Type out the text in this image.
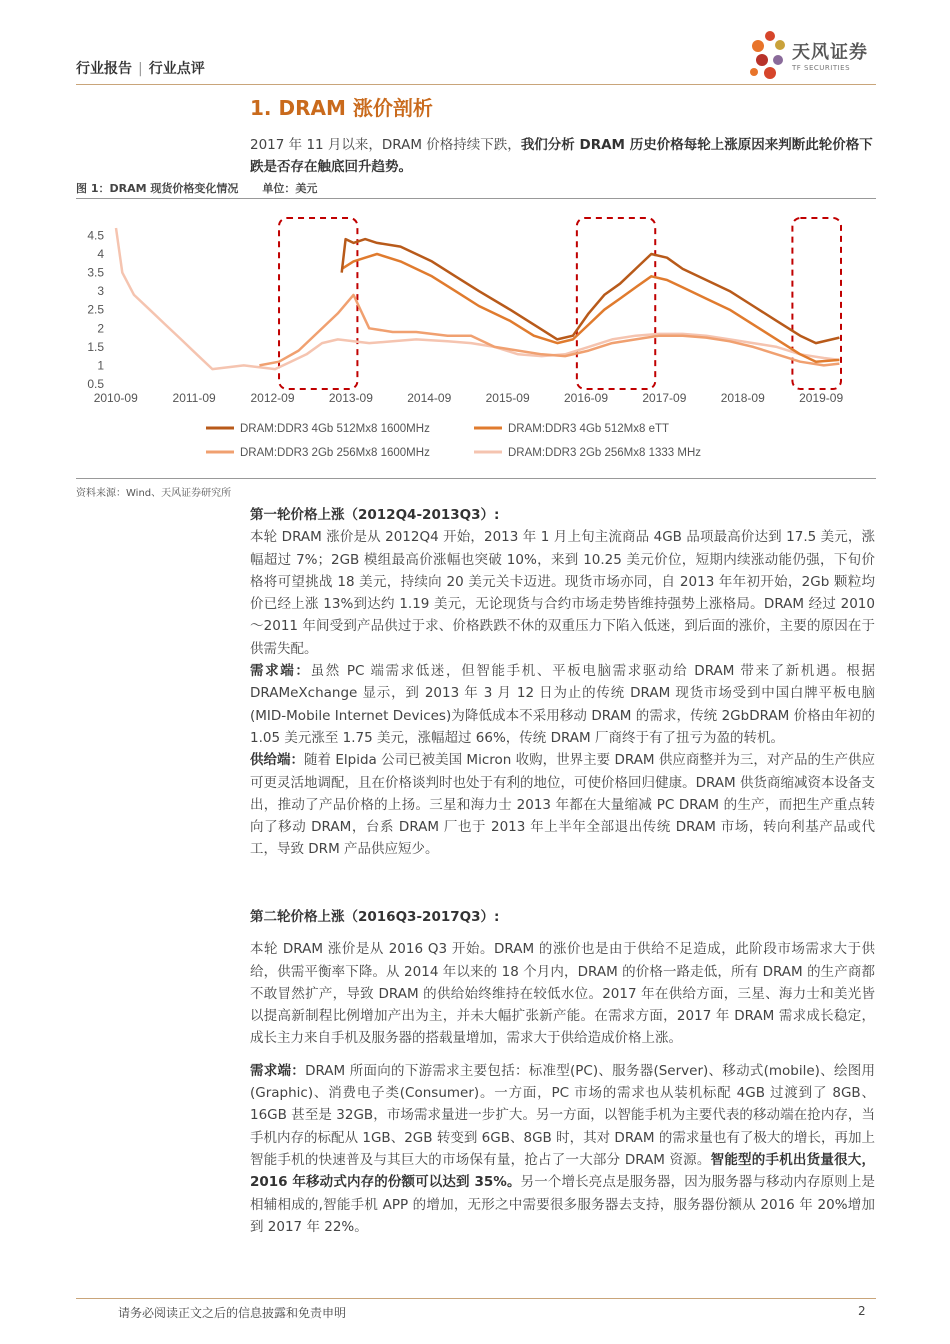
行业报告 | 行业点评
天风证券
TF SECURITIES
1. DRAM 涨价剖析
2017 年 11 月以来，DRAM 价格持续下跌，我们分析 DRAM 历史价格每轮上涨原因来判断此轮价格下跌是否存在触底回升趋势。
图 1：DRAM 现货价格变化情况 单位：美元
4.5
4
3.5
3
2.5
2
1.5
1
0.5
2010-09	2011-09	2012-09	2013-09	2014-09	2015-09	2016-09	2017-09	2018-09	2019-09
DRAM:DDR3 4Gb 512Mx8 1600MHz	DRAM:DDR3 4Gb 512Mx8 eTT
DRAM:DDR3 2Gb 256Mx8 1600MHz	DRAM:DDR3 2Gb 256Mx8 1333 MHz
资料来源：Wind、天风证券研究所

第一轮价格上涨（2012Q4-2013Q3）:

本轮 DRAM 涨价是从 2012Q4 开始，2013 年 1 月上旬主流商品 4GB 品项最高价达到 17.5 美元，涨幅超过 7%；2GB 模组最高价涨幅也突破 10%，来到 10.25 美元价位，短期内续涨动能仍强，下旬价格将可望挑战 18 美元，持续向 20 美元关卡迈进。现货市场亦同，自 2013 年年初开始，2Gb 颗粒均价已经上涨 13%到达约 1.19 美元，无论现货与合约市场走势皆维持强势上涨格局。DRAM 经过 2010～2011 年间受到产品供过于求、价格跌跌不休的双重压力下陷入低迷，到后面的涨价，主要的原因在于供需失配。

需求端：虽然 PC 端需求低迷，但智能手机、平板电脑需求驱动给 DRAM 带来了新机遇。根据 DRAMeXchange 显示，到 2013 年 3 月 12 日为止的传统 DRAM 现货市场受到中国白牌平板电脑(MID-Mobile Internet Devices)为降低成本不采用移动 DRAM 的需求，传统 2GbDRAM 价格由年初的 1.05 美元涨至 1.75 美元，涨幅超过 66%，传统 DRAM 厂商终于有了扭亏为盈的转机。

供给端：随着 Elpida 公司已被美国 Micron 收购，世界主要 DRAM 供应商整并为三，对产品的生产供应可更灵活地调配，且在价格谈判时也处于有利的地位，可使价格回归健康。DRAM 供货商缩减资本设备支出，推动了产品价格的上扬。三星和海力士 2013 年都在大量缩减 PC DRAM 的生产，而把生产重点转向了移动 DRAM，台系 DRAM 厂也于 2013 年上半年全部退出传统 DRAM 市场，转向利基产品或代工，导致 DRM 产品供应短少。

第二轮价格上涨（2016Q3-2017Q3）:

本轮 DRAM 涨价是从 2016 Q3 开始。DRAM 的涨价也是由于供给不足造成，此阶段市场需求大于供给，供需平衡率下降。从 2014 年以来的 18 个月内，DRAM 的价格一路走低，所有 DRAM 的生产商都不敢冒然扩产，导致 DRAM 的供给始终维持在较低水位。2017 年在供给方面，三星、海力士和美光皆以提高新制程比例增加产出为主，并未大幅扩张新产能。在需求方面，2017 年 DRAM 需求成长稳定，成长主力来自手机及服务器的搭载量增加，需求大于供给造成价格上涨。

需求端：DRAM 所面向的下游需求主要包括：标准型(PC)、服务器(Server)、移动式(mobile)、绘图用(Graphic)、消费电子类(Consumer)。一方面，PC 市场的需求也从装机标配 4GB 过渡到了 8GB、16GB 甚至是 32GB，市场需求量进一步扩大。另一方面，以智能手机为主要代表的移动端在抢内存，当手机内存的标配从 1GB、2GB 转变到 6GB、8GB 时，其对 DRAM 的需求量也有了极大的增长，再加上智能手机的快速普及与其巨大的市场保有量，抢占了一大部分 DRAM 资源。智能型的手机出货量很大，2016 年移动式内存的份额可以达到 35%。另一个增长亮点是服务器，因为服务器与移动内存原则上是相辅相成的,智能手机 APP 的增加，无形之中需要很多服务器去支持，服务器份额从 2016 年 20%增加到 2017 年 22%。

请务必阅读正文之后的信息披露和免责申明	2
